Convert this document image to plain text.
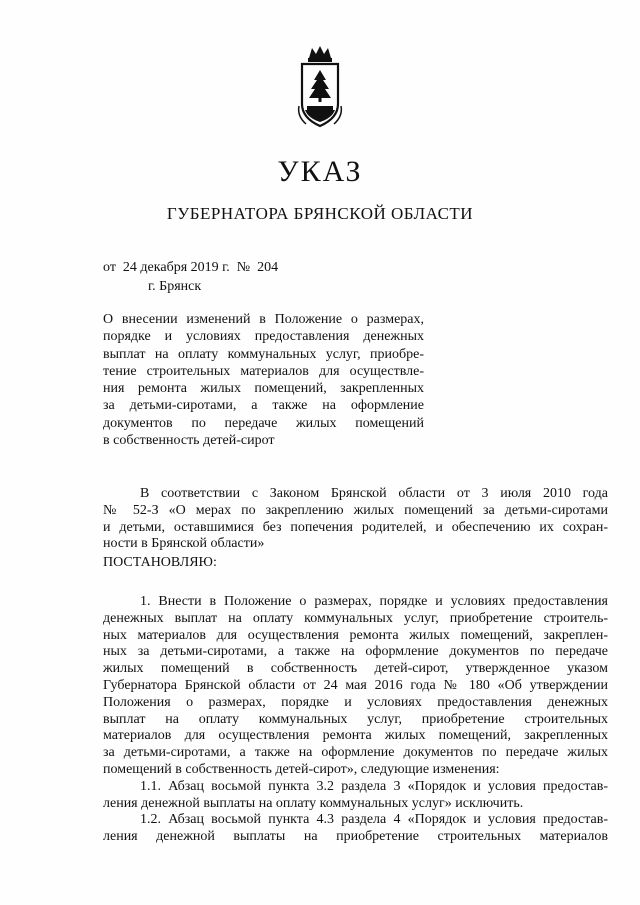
УКАЗ
ГУБЕРНАТОРА БРЯНСКОЙ ОБЛАСТИ
от  24 декабря 2019 г.  №  204
г. Брянск
О внесении изменений в Положение о размерах,
порядке и условиях предоставления денежных
выплат на оплату коммунальных услуг, приобре-
тение строительных материалов для осуществле-
ния ремонта жилых помещений, закрепленных
за детьми-сиротами, а также на оформление
документов по передаче жилых помещений
в собственность детей-сирот
В соответствии с Законом Брянской области от 3 июля 2010 года
№ 52-З «О мерах по закреплению жилых помещений за детьми-сиротами
и детьми, оставшимися без попечения родителей, и обеспечению их сохран-
ности в Брянской области»
ПОСТАНОВЛЯЮ:
1. Внести в Положение о размерах, порядке и условиях предоставления
денежных выплат на оплату коммунальных услуг, приобретение строитель-
ных материалов для осуществления ремонта жилых помещений, закреплен-
ных за детьми-сиротами, а также на оформление документов по передаче
жилых помещений в собственность детей-сирот, утвержденное указом
Губернатора Брянской области от 24 мая 2016 года № 180 «Об утверждении
Положения о размерах, порядке и условиях предоставления денежных
выплат на оплату коммунальных услуг, приобретение строительных
материалов для осуществления ремонта жилых помещений, закрепленных
за детьми-сиротами, а также на оформление документов по передаче жилых
помещений в собственность детей-сирот», следующие изменения:
1.1. Абзац восьмой пункта 3.2 раздела 3 «Порядок и условия предостав-
ления денежной выплаты на оплату коммунальных услуг» исключить.
1.2. Абзац восьмой пункта 4.3 раздела 4 «Порядок и условия предостав-
ления денежной выплаты на приобретение строительных материалов
